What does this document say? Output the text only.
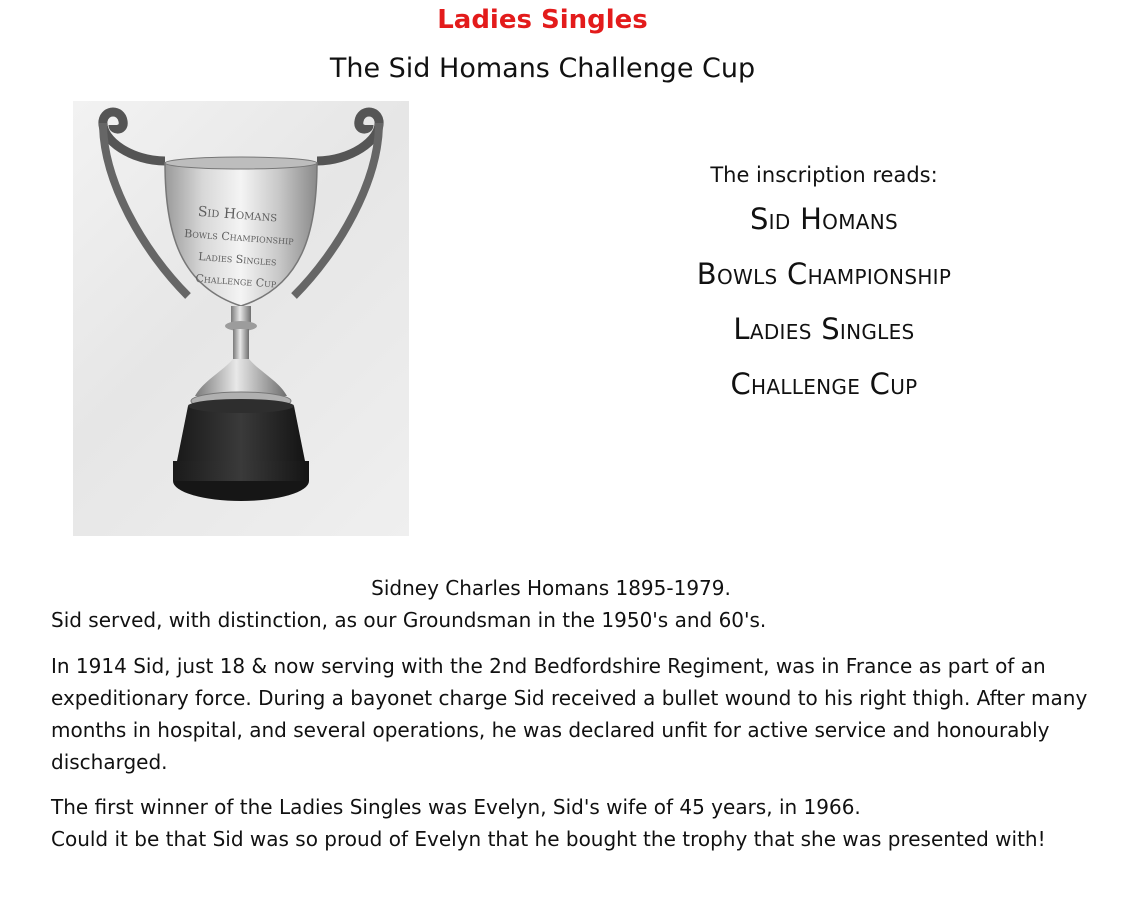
Ladies Singles
The Sid Homans Challenge Cup
Sid Homans
Bowls Championship
Ladies Singles
Challenge Cup
The inscription reads:
Sid Homans
Bowls Championship
Ladies Singles
Challenge Cup
Sidney Charles Homans 1895-1979.
Sid served, with distinction, as our Groundsman in the 1950's and 60's.
In 1914 Sid, just 18 & now serving with the 2nd Bedfordshire Regiment, was in France as part of an expeditionary force. During a bayonet charge Sid received a bullet wound to his right thigh. After many months in hospital, and several operations, he was declared unfit for active service and honourably discharged.
The first winner of the Ladies Singles was Evelyn, Sid's wife of 45 years, in 1966.
Could it be that Sid was so proud of Evelyn that he bought the trophy that she was presented with!
